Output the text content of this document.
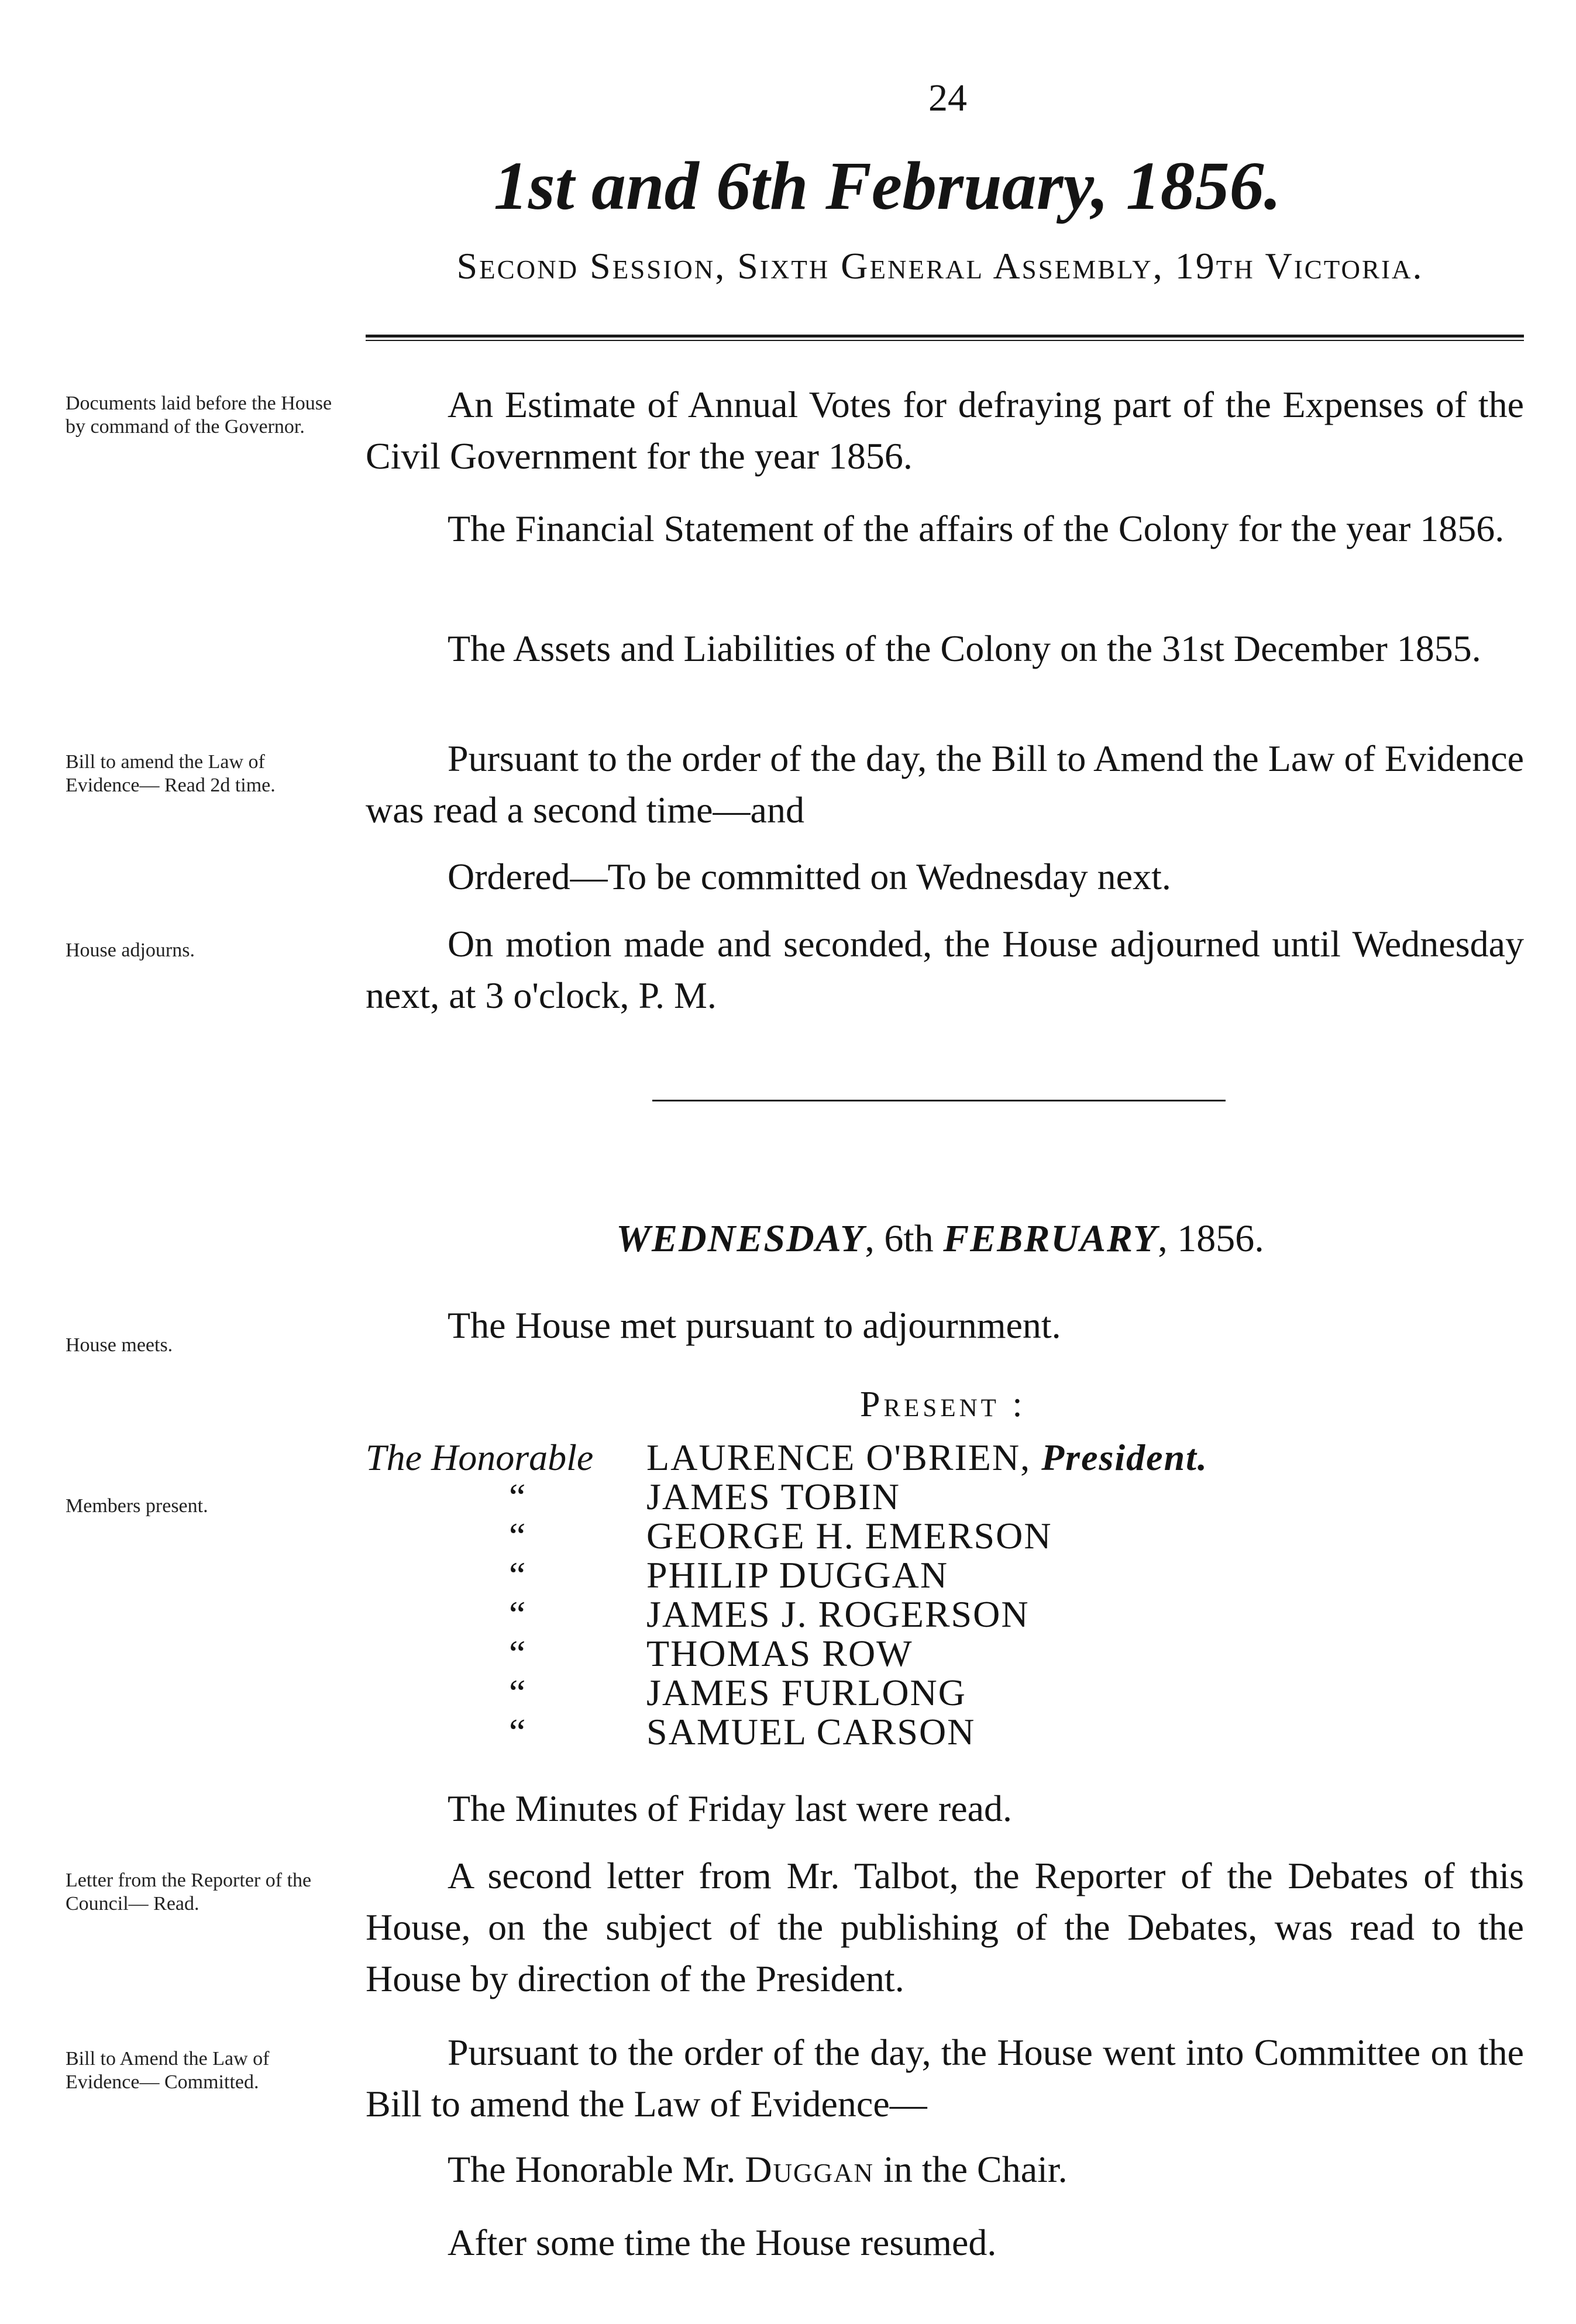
24
1st and 6th February, 1856.
Second Session, Sixth General Assembly, 19th Victoria.
Documents laid before the House by command of the Governor.
Bill to amend the Law of Evidence— Read 2d time.
House adjourns.
An Estimate of Annual Votes for defraying part of the Expenses of the Civil Government for the year 1856.
The Financial Statement of the affairs of the Colony for the year 1856.
The Assets and Liabilities of the Colony on the 31st December 1855.
Pursuant to the order of the day, the Bill to Amend the Law of Evidence was read a second time—and
Ordered—To be committed on Wednesday next.
On motion made and seconded, the House adjourned until Wednesday next, at 3 o'clock, P. M.
WEDNESDAY, 6th FEBRUARY, 1856.
House meets.
Members present.
Letter from the Reporter of the Council— Read.
Bill to Amend the Law of Evidence— Committed.
The House met pursuant to adjournment.
Present :
The Honorable LAURENCE O'BRIEN, President.
“	JAMES TOBIN
“	GEORGE H. EMERSON
“	PHILIP DUGGAN
“	JAMES J. ROGERSON
“	THOMAS ROW
“	JAMES FURLONG
“	SAMUEL CARSON
The Minutes of Friday last were read.
A second letter from Mr. Talbot, the Reporter of the Debates of this House, on the subject of the publishing of the Debates, was read to the House by direction of the President.
Pursuant to the order of the day, the House went into Committee on the Bill to amend the Law of Evidence—
The Honorable Mr. Duggan in the Chair.
After some time the House resumed.
